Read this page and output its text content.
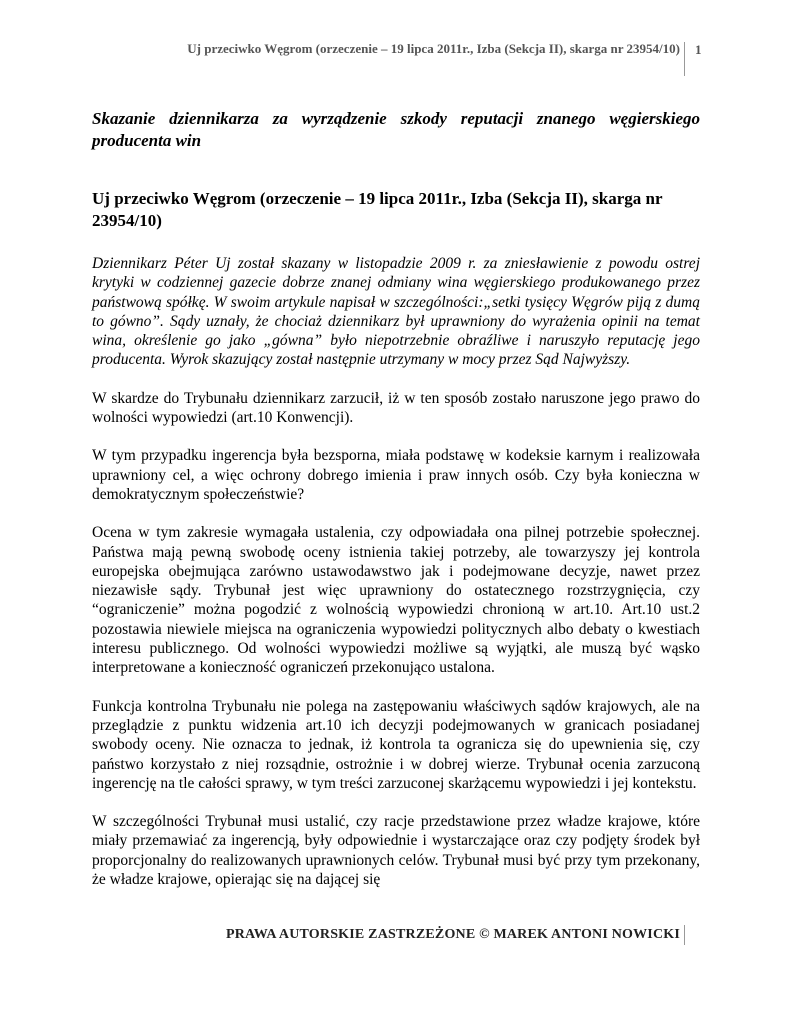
Uj przeciwko Węgrom (orzeczenie – 19 lipca 2011r., Izba (Sekcja II), skarga nr 23954/10)	1

Skazanie dziennikarza za wyrządzenie szkody reputacji znanego węgierskiego producenta win

Uj przeciwko Węgrom (orzeczenie – 19 lipca 2011r., Izba (Sekcja II), skarga nr 23954/10)

Dziennikarz Péter Uj został skazany w listopadzie 2009 r. za zniesławienie z powodu ostrej krytyki w codziennej gazecie dobrze znanej odmiany wina węgierskiego produkowanego przez państwową spółkę. W swoim artykule napisał w szczególności:„setki tysięcy Węgrów piją z dumą to gówno”. Sądy uznały, że chociaż dziennikarz był uprawniony do wyrażenia opinii na temat wina, określenie go jako „gówna” było niepotrzebnie obraźliwe i naruszyło reputację jego producenta. Wyrok skazujący został następnie utrzymany w mocy przez Sąd Najwyższy.

W skardze do Trybunału dziennikarz zarzucił, iż w ten sposób zostało naruszone jego prawo do wolności wypowiedzi (art.10 Konwencji).

W tym przypadku ingerencja była bezsporna, miała podstawę w kodeksie karnym i realizowała uprawniony cel, a więc ochrony dobrego imienia i praw innych osób. Czy była konieczna w demokratycznym społeczeństwie?

Ocena w tym zakresie wymagała ustalenia, czy odpowiadała ona pilnej potrzebie społecznej. Państwa mają pewną swobodę oceny istnienia takiej potrzeby, ale towarzyszy jej kontrola europejska obejmująca zarówno ustawodawstwo jak i podejmowane decyzje, nawet przez niezawisłe sądy. Trybunał jest więc uprawniony do ostatecznego rozstrzygnięcia, czy “ograniczenie” można pogodzić z wolnością wypowiedzi chronioną w art.10. Art.10 ust.2 pozostawia niewiele miejsca na ograniczenia wypowiedzi politycznych albo debaty o kwestiach interesu publicznego. Od wolności wypowiedzi możliwe są wyjątki, ale muszą być wąsko interpretowane a konieczność ograniczeń przekonująco ustalona.

Funkcja kontrolna Trybunału nie polega na zastępowaniu właściwych sądów krajowych, ale na przeglądzie z punktu widzenia art.10 ich decyzji podejmowanych w granicach posiadanej swobody oceny. Nie oznacza to jednak, iż kontrola ta ogranicza się do upewnienia się, czy państwo korzystało z niej rozsądnie, ostrożnie i w dobrej wierze. Trybunał ocenia zarzuconą ingerencję na tle całości sprawy, w tym treści zarzuconej skarżącemu wypowiedzi i jej kontekstu.

W szczególności Trybunał musi ustalić, czy racje przedstawione przez władze krajowe, które miały przemawiać za ingerencją, były odpowiednie i wystarczające oraz czy podjęty środek był proporcjonalny do realizowanych uprawnionych celów. Trybunał musi być przy tym przekonany, że władze krajowe, opierając się na dającej się

PRAWA AUTORSKIE ZASTRZEŻONE © MAREK ANTONI NOWICKI
